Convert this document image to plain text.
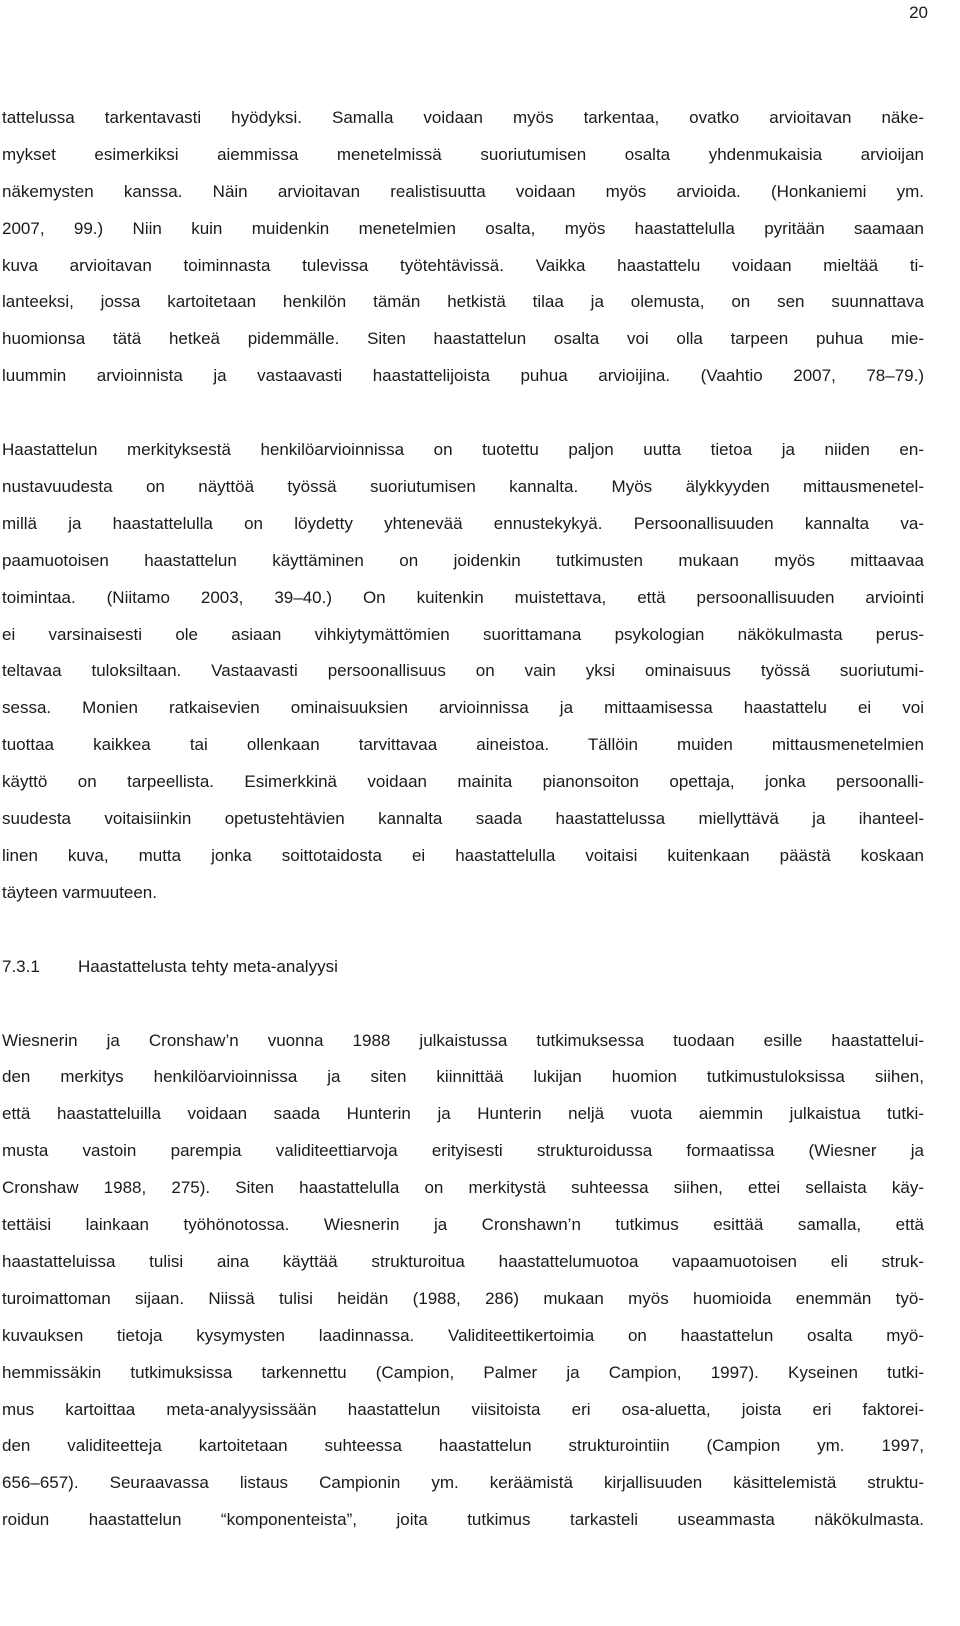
20
tattelussa tarkentavasti hyödyksi. Samalla voidaan myös tarkentaa, ovatko arvioitavan näke-
mykset esimerkiksi aiemmissa menetelmissä suoriutumisen osalta yhdenmukaisia arvioijan
näkemysten kanssa. Näin arvioitavan realistisuutta voidaan myös arvioida. (Honkaniemi ym.
2007, 99.) Niin kuin muidenkin menetelmien osalta, myös haastattelulla pyritään saamaan
kuva arvioitavan toiminnasta tulevissa työtehtävissä. Vaikka haastattelu voidaan mieltää ti-
lanteeksi, jossa kartoitetaan henkilön tämän hetkistä tilaa ja olemusta, on sen suunnattava
huomionsa tätä hetkeä pidemmälle. Siten haastattelun osalta voi olla tarpeen puhua mie-
luummin arvioinnista ja vastaavasti haastattelijoista puhua arvioijina. (Vaahtio 2007, 78–79.)
Haastattelun merkityksestä henkilöarvioinnissa on tuotettu paljon uutta tietoa ja niiden en-
nustavuudesta on näyttöä työssä suoriutumisen kannalta. Myös älykkyyden mittausmenetel-
millä ja haastattelulla on löydetty yhtenevää ennustekykyä. Persoonallisuuden kannalta va-
paamuotoisen haastattelun käyttäminen on joidenkin tutkimusten mukaan myös mittaavaa
toimintaa. (Niitamo 2003, 39–40.) On kuitenkin muistettava, että persoonallisuuden arviointi
ei varsinaisesti ole asiaan vihkiytymättömien suorittamana psykologian näkökulmasta perus-
teltavaa tuloksiltaan. Vastaavasti persoonallisuus on vain yksi ominaisuus työssä suoriutumi-
sessa. Monien ratkaisevien ominaisuuksien arvioinnissa ja mittaamisessa haastattelu ei voi
tuottaa kaikkea tai ollenkaan tarvittavaa aineistoa. Tällöin muiden mittausmenetelmien
käyttö on tarpeellista. Esimerkkinä voidaan mainita pianonsoiton opettaja, jonka persoonalli-
suudesta voitaisiinkin opetustehtävien kannalta saada haastattelussa miellyttävä ja ihanteel-
linen kuva, mutta jonka soittotaidosta ei haastattelulla voitaisi kuitenkaan päästä koskaan
täyteen varmuuteen.
7.3.1	Haastattelusta tehty meta-analyysi
Wiesnerin ja Cronshaw’n vuonna 1988 julkaistussa tutkimuksessa tuodaan esille haastattelui-
den merkitys henkilöarvioinnissa ja siten kiinnittää lukijan huomion tutkimustuloksissa siihen,
että haastatteluilla voidaan saada Hunterin ja Hunterin neljä vuota aiemmin julkaistua tutki-
musta vastoin parempia validiteettiarvoja erityisesti strukturoidussa formaatissa (Wiesner ja
Cronshaw 1988, 275). Siten haastattelulla on merkitystä suhteessa siihen, ettei sellaista käy-
tettäisi lainkaan työhönotossa. Wiesnerin ja Cronshawn’n tutkimus esittää samalla, että
haastatteluissa tulisi aina käyttää strukturoitua haastattelumuotoa vapaamuotoisen eli struk-
turoimattoman sijaan. Niissä tulisi heidän (1988, 286) mukaan myös huomioida enemmän työ-
kuvauksen tietoja kysymysten laadinnassa. Validiteettikertoimia on haastattelun osalta myö-
hemmissäkin tutkimuksissa tarkennettu (Campion, Palmer ja Campion, 1997). Kyseinen tutki-
mus kartoittaa meta-analyysissään haastattelun viisitoista eri osa-aluetta, joista eri faktorei-
den validiteetteja kartoitetaan suhteessa haastattelun strukturointiin (Campion ym. 1997,
656–657). Seuraavassa listaus Campionin ym. keräämistä kirjallisuuden käsittelemistä struktu-
roidun haastattelun “komponenteista”, joita tutkimus tarkasteli useammasta näkökulmasta.
